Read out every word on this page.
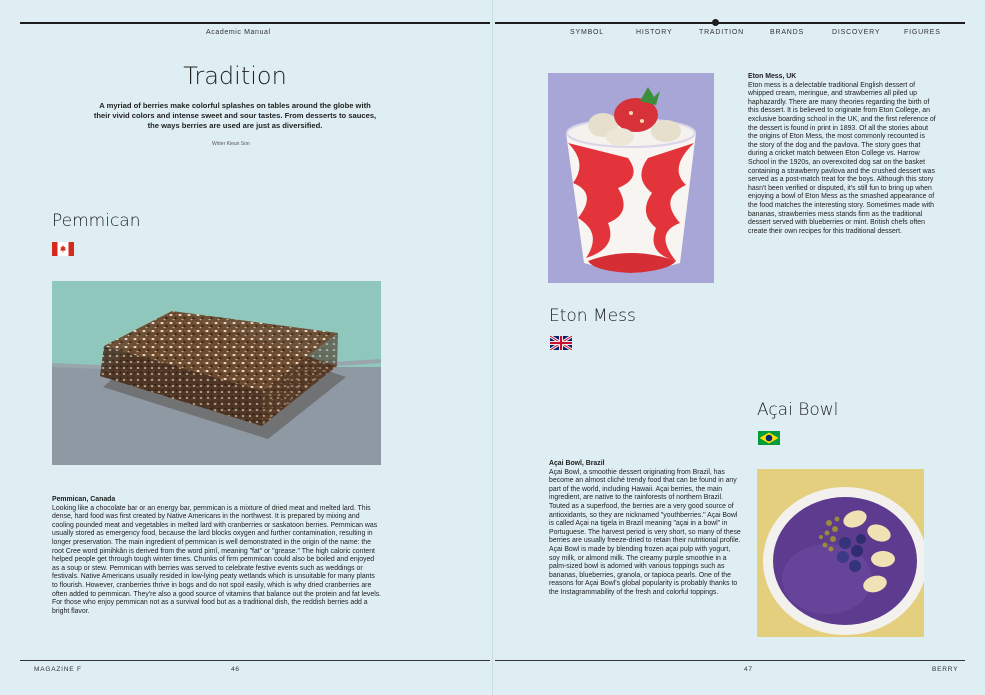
Academic Manual	SYMBOL	HISTORY	TRADITION	BRANDS	DISCOVERY	FIGURES
Tradition
A myriad of berries make colorful splashes on tables around the globe with their vivid colors and intense sweet and sour tastes. From desserts to sauces, the ways berries are used are just as diversified.
Writer Kieun Son
Pemmican
Pemmican, Canada
Looking like a chocolate bar or an energy bar, pemmican is a mixture of dried meat and melted lard. This dense, hard food was first created by Native Americans in the northwest. It is prepared by mixing and cooling pounded meat and vegetables in melted lard with cranberries or saskatoon berries. Pemmican was usually stored as emergency food, because the lard blocks oxygen and further contamination, resulting in longer preservation. The main ingredient of pemmican is well demonstrated in the origin of the name: the root Cree word pimihkân is derived from the word pimî, meaning "fat" or "grease." The high caloric content helped people get through tough winter times. Chunks of firm pemmican could also be boiled and enjoyed as a soup or stew. Pemmican with berries was served to celebrate festive events such as weddings or festivals. Native Americans usually resided in low-lying peaty wetlands which is unsuitable for many plants to flourish. However, cranberries thrive in bogs and do not spoil easily, which is why dried cranberries are often added to pemmican. They're also a good source of vitamins that balance out the protein and fat levels. For those who enjoy pemmican not as a survival food but as a traditional dish, the reddish berries add a bright flavor.
Eton Mess
Eton Mess, UK
Eton mess is a delectable traditional English dessert of whipped cream, meringue, and strawberries all piled up haphazardly. There are many theories regarding the birth of this dessert. It is believed to originate from Eton College, an exclusive boarding school in the UK, and the first reference of the dessert is found in print in 1893. Of all the stories about the origins of Eton Mess, the most commonly recounted is the story of the dog and the pavlova. The story goes that during a cricket match between Eton College vs. Harrow School in the 1920s, an overexcited dog sat on the basket containing a strawberry pavlova and the crushed dessert was served as a post-match treat for the boys. Although this story hasn't been verified or disputed, it's still fun to bring up when enjoying a bowl of Eton Mess as the smashed appearance of the food matches the interesting story. Sometimes made with bananas, strawberries mess stands firm as the traditional dessert served with blueberries or mint. British chefs often create their own recipes for this traditional dessert.
Açai Bowl
Açai Bowl, Brazil
Açai Bowl, a smoothie dessert originating from Brazil, has become an almost cliché trendy food that can be found in any part of the world, including Hawaii. Açai berries, the main ingredient, are native to the rainforests of northern Brazil. Touted as a superfood, the berries are a very good source of antioxidants, so they are nicknamed "youthberries." Açai Bowl is called Açai na tigela in Brazil meaning "açai in a bowl" in Portuguese. The harvest period is very short, so many of these berries are usually freeze-dried to retain their nutritional profile. Açai Bowl is made by blending frozen açai pulp with yogurt, soy milk, or almond milk. The creamy purple smoothie in a palm-sized bowl is adorned with various toppings such as bananas, blueberries, granola, or tapioca pearls. One of the reasons for Açai Bowl's global popularity is probably thanks to the Instagrammability of the fresh and colorful toppings.
MAGAZINE F	46	47	BERRY
